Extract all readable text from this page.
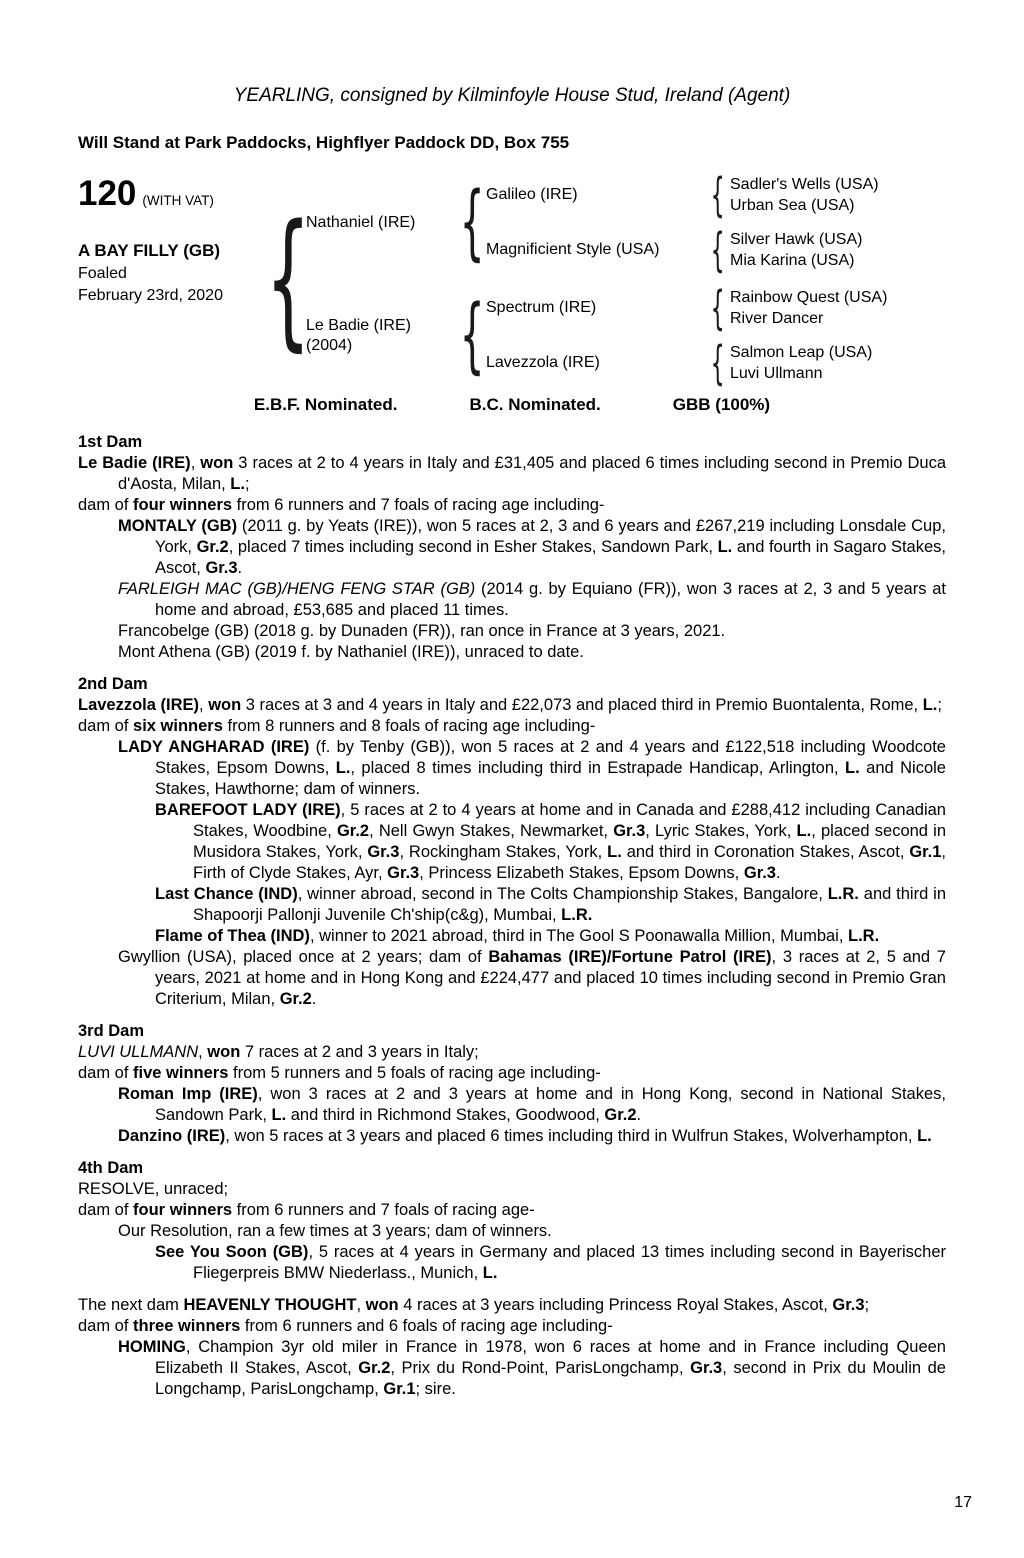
YEARLING, consigned by Kilminfoyle House Stud, Ireland (Agent)

Will Stand at Park Paddocks, Highflyer Paddock DD, Box 755

120 (WITH VAT)
A BAY FILLY (GB)
Foaled
February 23rd, 2020
{
Nathaniel (IRE)
{
Galileo (IRE)
{
Sadler's Wells (USA)
Urban Sea (USA)
Magnificient Style (USA)
{
Silver Hawk (USA)
Mia Karina (USA)
Le Badie (IRE)
(2004)
{
Spectrum (IRE)
{
Rainbow Quest (USA)
River Dancer
Lavezzola (IRE)
{
Salmon Leap (USA)
Luvi Ullmann
E.B.F. Nominated.	B.C. Nominated.	GBB (100%)
1st Dam

Le Badie (IRE), won 3 races at 2 to 4 years in Italy and £31,405 and placed 6 times including second in Premio Duca d'Aosta, Milan, L.;

dam of four winners from 6 runners and 7 foals of racing age including-

MONTALY (GB) (2011 g. by Yeats (IRE)), won 5 races at 2, 3 and 6 years and £267,219 including Lonsdale Cup, York, Gr.2, placed 7 times including second in Esher Stakes, Sandown Park, L. and fourth in Sagaro Stakes, Ascot, Gr.3.

FARLEIGH MAC (GB)/HENG FENG STAR (GB) (2014 g. by Equiano (FR)), won 3 races at 2, 3 and 5 years at home and abroad, £53,685 and placed 11 times.

Francobelge (GB) (2018 g. by Dunaden (FR)), ran once in France at 3 years, 2021.

Mont Athena (GB) (2019 f. by Nathaniel (IRE)), unraced to date.

2nd Dam

Lavezzola (IRE), won 3 races at 3 and 4 years in Italy and £22,073 and placed third in Premio Buontalenta, Rome, L.;

dam of six winners from 8 runners and 8 foals of racing age including-

LADY ANGHARAD (IRE) (f. by Tenby (GB)), won 5 races at 2 and 4 years and £122,518 including Woodcote Stakes, Epsom Downs, L., placed 8 times including third in Estrapade Handicap, Arlington, L. and Nicole Stakes, Hawthorne; dam of winners.

BAREFOOT LADY (IRE), 5 races at 2 to 4 years at home and in Canada and £288,412 including Canadian Stakes, Woodbine, Gr.2, Nell Gwyn Stakes, Newmarket, Gr.3, Lyric Stakes, York, L., placed second in Musidora Stakes, York, Gr.3, Rockingham Stakes, York, L. and third in Coronation Stakes, Ascot, Gr.1, Firth of Clyde Stakes, Ayr, Gr.3, Princess Elizabeth Stakes, Epsom Downs, Gr.3.

Last Chance (IND), winner abroad, second in The Colts Championship Stakes, Bangalore, L.R. and third in Shapoorji Pallonji Juvenile Ch'ship(c&g), Mumbai, L.R.

Flame of Thea (IND), winner to 2021 abroad, third in The Gool S Poonawalla Million, Mumbai, L.R.

Gwyllion (USA), placed once at 2 years; dam of Bahamas (IRE)/Fortune Patrol (IRE), 3 races at 2, 5 and 7 years, 2021 at home and in Hong Kong and £224,477 and placed 10 times including second in Premio Gran Criterium, Milan, Gr.2.

3rd Dam

LUVI ULLMANN, won 7 races at 2 and 3 years in Italy;

dam of five winners from 5 runners and 5 foals of racing age including-

Roman Imp (IRE), won 3 races at 2 and 3 years at home and in Hong Kong, second in National Stakes, Sandown Park, L. and third in Richmond Stakes, Goodwood, Gr.2.

Danzino (IRE), won 5 races at 3 years and placed 6 times including third in Wulfrun Stakes, Wolverhampton, L.

4th Dam

RESOLVE, unraced;

dam of four winners from 6 runners and 7 foals of racing age-

Our Resolution, ran a few times at 3 years; dam of winners.

See You Soon (GB), 5 races at 4 years in Germany and placed 13 times including second in Bayerischer Fliegerpreis BMW Niederlass., Munich, L.

The next dam HEAVENLY THOUGHT, won 4 races at 3 years including Princess Royal Stakes, Ascot, Gr.3;

dam of three winners from 6 runners and 6 foals of racing age including-

HOMING, Champion 3yr old miler in France in 1978, won 6 races at home and in France including Queen Elizabeth II Stakes, Ascot, Gr.2, Prix du Rond-Point, ParisLongchamp, Gr.3, second in Prix du Moulin de Longchamp, ParisLongchamp, Gr.1; sire.

17
